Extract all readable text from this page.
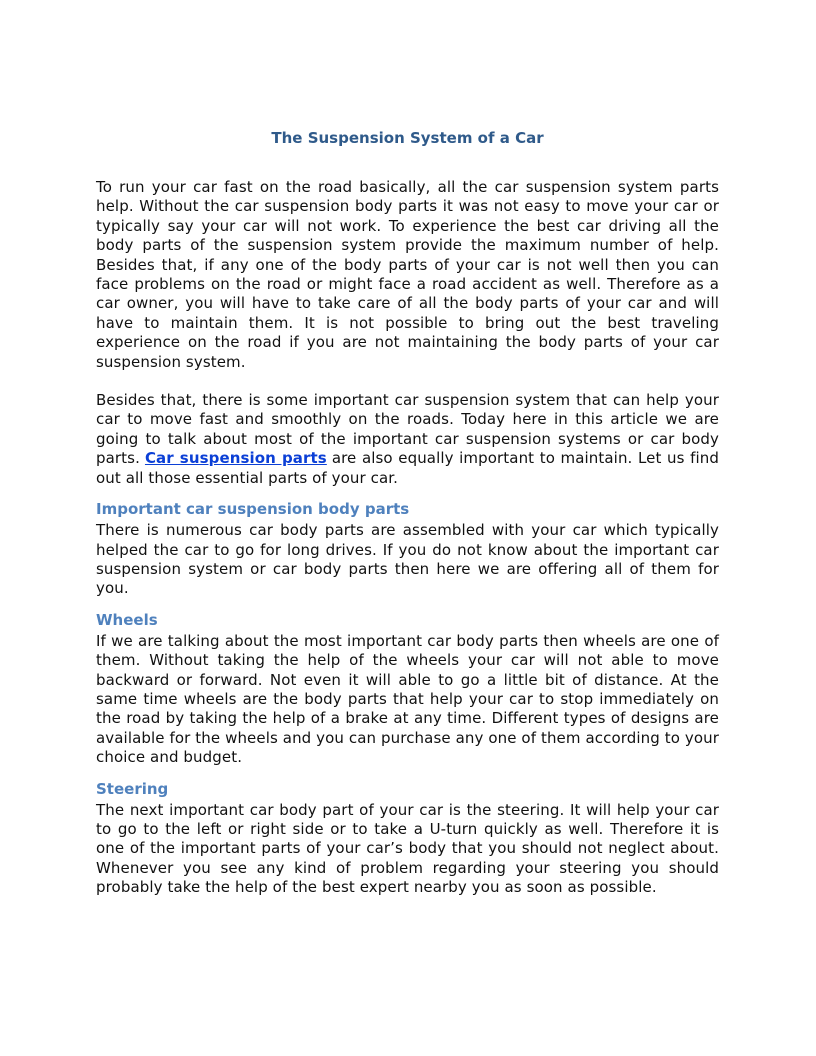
The Suspension System of a Car

To run your car fast on the road basically, all the car suspension system parts help. Without the car suspension body parts it was not easy to move your car or typically say your car will not work. To experience the best car driving all the body parts of the suspension system provide the maximum number of help. Besides that, if any one of the body parts of your car is not well then you can face problems on the road or might face a road accident as well. Therefore as a car owner, you will have to take care of all the body parts of your car and will have to maintain them. It is not possible to bring out the best traveling experience on the road if you are not maintaining the body parts of your car suspension system.

Besides that, there is some important car suspension system that can help your car to move fast and smoothly on the roads. Today here in this article we are going to talk about most of the important car suspension systems or car body parts. Car suspension parts are also equally important to maintain. Let us find out all those essential parts of your car.

Important car suspension body parts

There is numerous car body parts are assembled with your car which typically helped the car to go for long drives. If you do not know about the important car suspension system or car body parts then here we are offering all of them for you.

Wheels

If we are talking about the most important car body parts then wheels are one of them. Without taking the help of the wheels your car will not able to move backward or forward. Not even it will able to go a little bit of distance. At the same time wheels are the body parts that help your car to stop immediately on the road by taking the help of a brake at any time. Different types of designs are available for the wheels and you can purchase any one of them according to your choice and budget.

Steering

The next important car body part of your car is the steering. It will help your car to go to the left or right side or to take a U-turn quickly as well. Therefore it is one of the important parts of your car’s body that you should not neglect about. Whenever you see any kind of problem regarding your steering you should probably take the help of the best expert nearby you as soon as possible.
